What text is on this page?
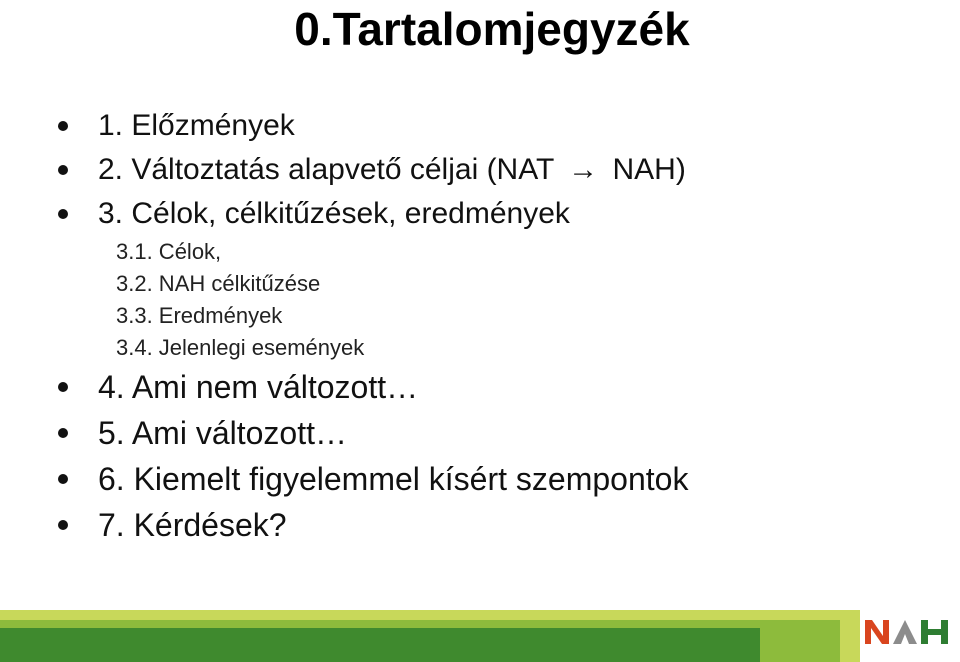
0.Tartalomjegyzék
1. Előzmények
2. Változtatás alapvető céljai (NAT → NAH)
3. Célok, célkitűzések, eredmények
3.1. Célok,
3.2. NAH célkitűzése
3.3. Eredmények
3.4. Jelenlegi események
4. Ami nem változott…
5. Ami változott…
6. Kiemelt figyelemmel kísért szempontok
7. Kérdések?
